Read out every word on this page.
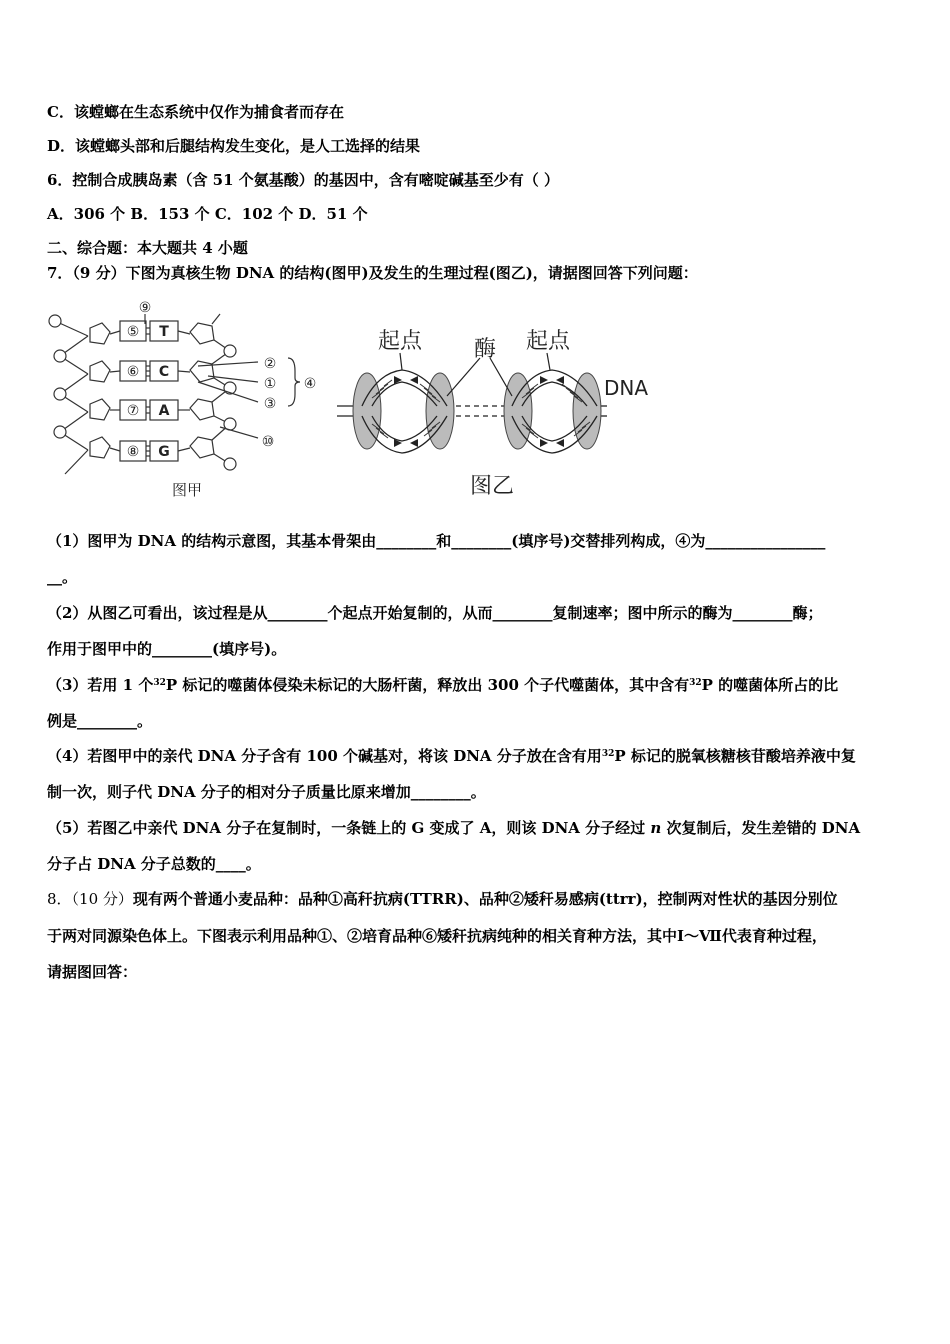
C．该螳螂在生态系统中仅作为捕食者而存在
D．该螳螂头部和后腿结构发生变化，是人工选择的结果
6．控制合成胰岛素（含 51 个氨基酸）的基因中，含有嘧啶碱基至少有（ ）
A．306 个 B．153 个 C．102 个 D．51 个
二、综合题：本大题共 4 小题
7．（9 分）下图为真核生物 DNA 的结构(图甲)及发生的生理过程(图乙)，请据图回答下列问题：
⑤
⑥
⑦
⑧
T
C
A
G
⑨
②
①
③
④
⑩
图甲
起点 酶 起点
DNA
图乙
（1）图甲为 DNA 的结构示意图，其基本骨架由________和________(填序号)交替排列构成，④为________________
__。
（2）从图乙可看出，该过程是从________个起点开始复制的，从而________复制速率；图中所示的酶为________酶；
作用于图甲中的________(填序号)。
（3）若用 1 个$^{32}$P 标记的噬菌体侵染未标记的大肠杆菌，释放出 300 个子代噬菌体，其中含有$^{32}$P 的噬菌体所占的比
例是________。
（4）若图甲中的亲代 DNA 分子含有 100 个碱基对，将该 DNA 分子放在含有用$^{32}$P 标记的脱氧核糖核苷酸培养液中复
制一次，则子代 DNA 分子的相对分子质量比原来增加________。
（5）若图乙中亲代 DNA 分子在复制时，一条链上的 G 变成了 A，则该 DNA 分子经过 n 次复制后，发生差错的 DNA
分子占 DNA 分子总数的____。
8．（10 分）现有两个普通小麦品种：品种①高秆抗病(TTRR)、品种②矮秆易感病(ttrr)，控制两对性状的基因分别位
于两对同源染色体上。下图表示利用品种①、②培育品种⑥矮秆抗病纯种的相关育种方法，其中Ⅰ～Ⅶ代表育种过程，
请据图回答：
